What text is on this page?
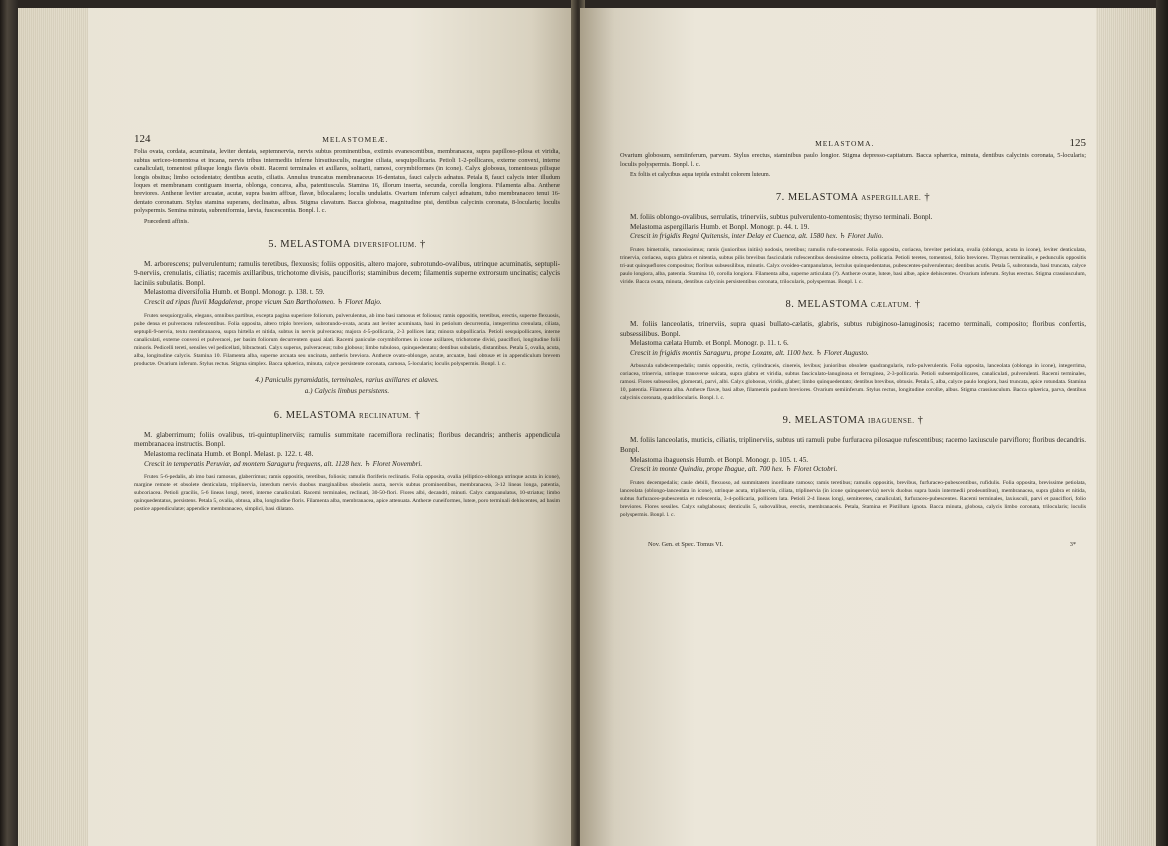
124	MELASTOMEÆ.

Folia ovata, cordata, acuminata, leviter dentata, septemnervia, nervis subtus prominentibus, extimis evanescentibus, membranacea, supra papilloso-pilosa et viridia, subtus sericeo-tomentosa et incana, nervis tribus intermediis inferne hirsutiusculis, margine ciliata, sesquipollicaria. Petioli 1-2-pollicares, externe convexi, interne canaliculati, tomentosi pilisque longis flavis obsiti. Racemi terminales et axillares, solitarii, ramosi, corymbiformes (in icone). Calyx globosus, tomentosus pilisque longis obsitus; limbo octodentato; dentibus acutis, ciliatis. Annulus truncatus membranaceus 16-dentatus, fauci calycis adnatus. Petala 8, fauci calycis inter illudum loques et membranam contiguam inserta, oblonga, concava, alba, patentiuscula. Stamina 16, illorum inserta, secunda, corolla longiora. Filamenta alba. Antheræ breviores. Antheræ leviter arcuatæ, acutæ, supra basim affixæ, flavæ, bilocalares; loculis undulatis. Ovarium inferum calyci adnatum, tubo membranaceo tenui 16-dentato coronatum. Stylus stamina superans, declinatus, albus. Stigma clavatum. Bacca globosa, magnitudine pisi, dentibus calycinis coronata, 8-locularis; loculis polyspermis. Semina minuta, subreniformia, lævia, fuscescentia. Bonpl. l. c.

Præcedenti affinis.

5. MELASTOMA DIVERSIFOLIUM. †

M. arborescens; pulverulentum; ramulis teretibus, flexuosis; foliis oppositis, altero majore, subrotundo-ovalibus, utrinque acuminatis, septupli-9-nerviis, crenulatis, ciliatis; racemis axillaribus, trichotome divisis, paucifloris; staminibus decem; filamentis superne extrorsum uncinatis; calycis laciniis subulatis. Bonpl.

Melastoma diversifolia Humb. et Bonpl. Monogr. p. 138. t. 59.

Crescit ad ripas fluvii Magdalenæ, prope vicum San Bartholomeo. ♄ Floret Majo.

Frutex sesquiorgyalis, elegans, omnibus partibus, excepta pagina superiore foliorum, pulverulentus, ab imo basi ramosus et foliosus; ramis oppositis, teretibus, erectis, superne flexuosis, pube densa et pulveracea rufescentibus. Folia opposita, altero triplo breviore, subrotundo-ovata, acuta aut leviter acuminata, basi in petiolum decurrentia, integerrima crenulata, ciliata, septupli-9-nervia, textu membranacea, supra hirtella et nitida, subtus in nervis pulveracea; majora 4-5-pollicaria, 2-3 pollices lata; minora subpollicaria. Petioli sesquipollicares, interne canaliculati, externe convexi et pulveracei, per basim foliorum decurrentem quasi alati. Racemi paniculæ corymbiformes in icone axillares, trichotome divisi, pauciflori, longitudine folii minoris. Pedicelli tereti, sensiles vel pedicellati, bibracteati. Calyx superus, pulveraceus; tubo globoso; limbo tubuloso, quinquedentato; dentibus subulatis, distantibus. Petala 5, ovalia, acuta, alba, longitudine calycis. Stamina 10. Filamenta alba, superne arcuata seu uncinata, antheris breviora. Antheræ ovato-oblongæ, acutæ, arcuatæ, basi obtusæ et in appendiculum brevem productæ. Ovarium inferum. Stylus rectus. Stigma simplex. Bacca sphærica, minuta, calyce persistente coronata, carnosa, 5-locularis; loculis polyspermis. Bonpl. l. c.

4.) Paniculis pyramidatis, terminales, rarius axillares et alaves.

a.) Calycis limbus persistens.

6. MELASTOMA RECLINATUM. †

M. glaberrimum; foliis ovalibus, tri-quintuplinerviis; ramulis summitate racemiflora reclinatis; floribus decandris; antheris appendicula membranacea instructis. Bonpl.

Melastoma reclinata Humb. et Bonpl. Melast. p. 122. t. 48.

Crescit in temperatis Peruviæ, ad montem Saraguru frequens, alt. 1128 hex. ♄ Floret Novembri.

Frutex 5-6-pedalis, ab imo basi ramosus, glaberrimus; ramis oppositis, teretibus, foliosis; ramulis floriferis reclinatis. Folia opposita, ovalia (elliptico-oblonga utrinque acuta in icone), margine remote et obsolete denticulata, triplinervia, interdum nervis duobus marginalibus obsoletis aucta, nervis subtus prominentibus, membranacea, 3-12 lineas longa, patentia, subcoriacea. Petioli gracilis, 5-6 lineas longi, tereti, interne canaliculati. Racemi terminales, reclinati, 30-50-flori. Flores albi, decandri, minuti. Calyx campanulatus, 10-striatus; limbo quinquedentatus, persistens. Petala 5, ovalia, obtusa, alba, longitudine floris. Filamenta alba, membranacea, apice attenuata. Antheræ cuneiformes, luteæ, poro terminali dehiscentes, ad basim postice appendiculatæ; appendice membranaceo, simplici, basi dilatato.

MELASTOMA.	125

Ovarium globosum, semiinferum, parvum. Stylus erectus, staminibus paulo longior. Stigma depresso-capitatum. Bacca sphærica, minuta, dentibus calycinis coronata, 5-locularis; loculis polyspermis. Bonpl. l. c.

Ex foliis et calycibus aqua tepida extrahit colorem luteum.

7. MELASTOMA ASPERGILLARE. †

M. foliis oblongo-ovalibus, serrulatis, trinerviis, subtus pulverulento-tomentosis; thyrso terminali. Bonpl.

Melastoma aspergillaris Humb. et Bonpl. Monogr. p. 44. t. 19.

Crescit in frigidis Regni Quitensis, inter Delay et Cuenca, alt. 1580 hex. ♄ Floret Julio.

Frutex bimetralis, ramosissimus; ramis (junioribus initiis) nodosis, teretibus; ramulis rufo-tomentosis. Folia opposita, coriacea, breviter petiolata, ovalia (oblonga, acuta in icone), leviter denticulata, trinervia, coriacea, supra glabra et nitentia, subtus pilis brevibus fasciculatis rufescentibus densissime obtecta, pollicaria. Petioli teretes, tomentosi, folio breviores. Thyrsus terminalis, e pedunculis oppositis tri-aut quinqueflores compositus; floribus subsessilibus, minutis. Calyx ovoideo-campanulatus, lectulus quinquedentatus, pubescentes-pulverulentus; dentibus acutis. Petala 5, subrotunda, basi truncata, calyce paulo longiora, alba, patentia. Stamina 10, corolla longiora. Filamenta alba, superne articulata (?). Antheræ ovatæ, luteæ, basi albæ, apice dehiscentes. Ovarium inferum. Stylus erectus. Stigma crassiusculum, viride. Bacca ovata, minuta, dentibus calycinis persistentibus coronata, trilocularis, polyspermas. Bonpl. l. c.

8. MELASTOMA CÆLATUM. †

M. foliis lanceolatis, trinerviis, supra quasi bullato-cælatis, glabris, subtus rubiginoso-lanuginosis; racemo terminali, composito; floribus confertis, subsessilibus. Bonpl.

Melastoma cælata Humb. et Bonpl. Monogr. p. 11. t. 6.

Crescit in frigidis montis Saraguru, prope Loxam, alt. 1100 hex. ♄ Floret Augusto.

Arbuscula subdecempedalis; ramis oppositis, rectis, cylindraceis, cinereis, levibus; junioribus obsolete quadrangularis, rufo-pulverulentis. Folia opposita, lanceolata (oblonga in icone), integerrima, coriacea, trinervia, utrinque transverse sulcata, supra glabra et viridia, subtus fasciculato-lanuginosa et ferruginea, 2-3-pollicaria. Petioli subsemipollicares, canaliculati, pulverulenti. Racemi terminales, ramosi. Flores subsessiles, glomerati, parvi, albi. Calyx globosus, viridis, glaber; limbo quinquedentato; dentibus brevibus, obtusis. Petala 5, alba, calyce paulo longiora, basi truncata, apice rotundata. Stamina 10, patentia. Filamenta alba. Antheræ flavæ, basi albæ, filamentis paulum breviores. Ovarium semiinferum. Stylus rectus, longitudine corollæ, albus. Stigma crassiusculum. Bacca sphærica, parva, dentibus calycinis coronata, quadrilocularis. Bonpl. l. c.

9. MELASTOMA IBAGUENSE. †

M. foliis lanceolatis, muticis, ciliatis, triplinerviis, subtus uti ramuli pube furfuracea pilosaque rufescentibus; racemo laxiuscule parvifloro; floribus decandris. Bonpl.

Melastoma ibaguensis Humb. et Bonpl. Monogr. p. 105. t. 45.

Crescit in monte Quindiu, prope Ibague, alt. 700 hex. ♄ Floret Octobri.

Frutex decempedalis; caule debili, flexuoso, ad summitatem inordinate ramoso; ramis teretibus; ramulis oppositis, brevibus, furfuraceo-pubescentibus, rufidulis. Folia opposita, brevissime petiolata, lanceolata (oblongo-lanceolata in icone), utrinque acuta, triplinervia, ciliata, triplinervia (in icone quinquenervia) nervis duobus supra basin intermedii prodeuntibus), membranacea, supra glabra et nitida, subtus furfuraceo-pubescentia et rufescentia, 3-4-pollicaria, pollicem lata. Petioli 2-4 lineas longi, semiteretes, canaliculati, furfuraceo-pubescentes. Racemi terminales, laxiusculi, parvi et pauciflori, folio breviores. Flores sessiles. Calyx subglabosus; denticulis 5, subovalibus, erectis, membranaceis. Petala, Stamina et Pistillum ignota. Bacca minuta, globosa, calycis limbo coronata, trilocularis; loculis polyspermis. Bonpl. l. c.

Nov. Gen. et Spec. Tomus VI.	3*
